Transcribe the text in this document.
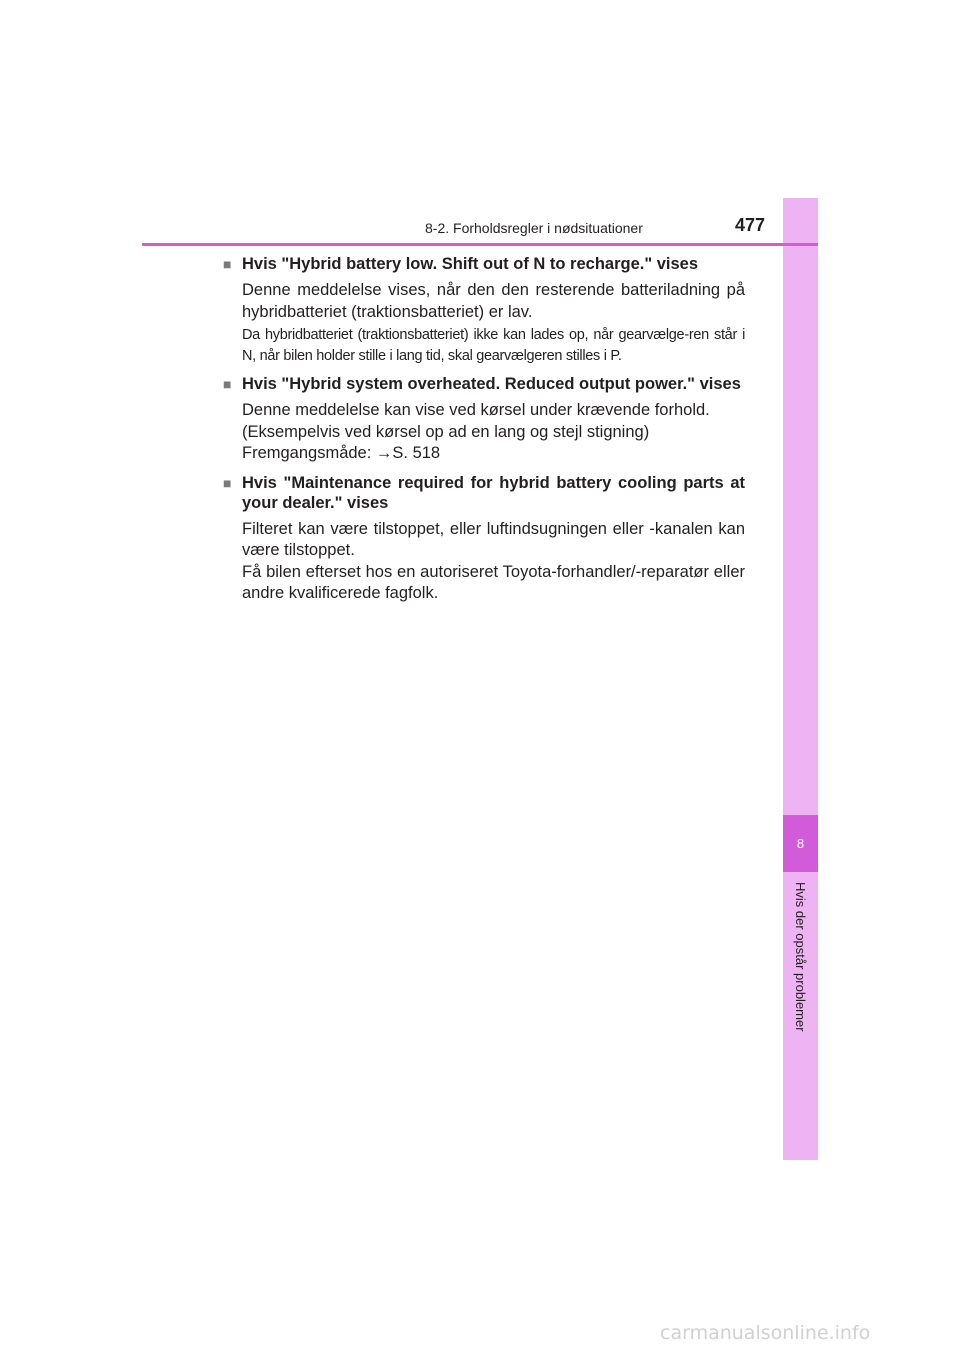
8
Hvis der opstår problemer
8-2. Forholdsregler i nødsituationer	477
■ Hvis "Hybrid battery low. Shift out of N to recharge." vises
Denne meddelelse vises, når den den resterende batteriladning på hybridbatteriet (traktionsbatteriet) er lav.
Da hybridbatteriet (traktionsbatteriet) ikke kan lades op, når gearvælge-ren står i N, når bilen holder stille i lang tid, skal gearvælgeren stilles i P.
■ Hvis "Hybrid system overheated. Reduced output power." vises
Denne meddelelse kan vise ved kørsel under krævende forhold.
(Eksempelvis ved kørsel op ad en lang og stejl stigning)
Fremgangsmåde: →S. 518
■ Hvis "Maintenance required for hybrid battery cooling parts at your dealer." vises
Filteret kan være tilstoppet, eller luftindsugningen eller -kanalen kan være tilstoppet.
Få bilen efterset hos en autoriseret Toyota-forhandler/-reparatør eller andre kvalificerede fagfolk.
carmanualsonline.info
